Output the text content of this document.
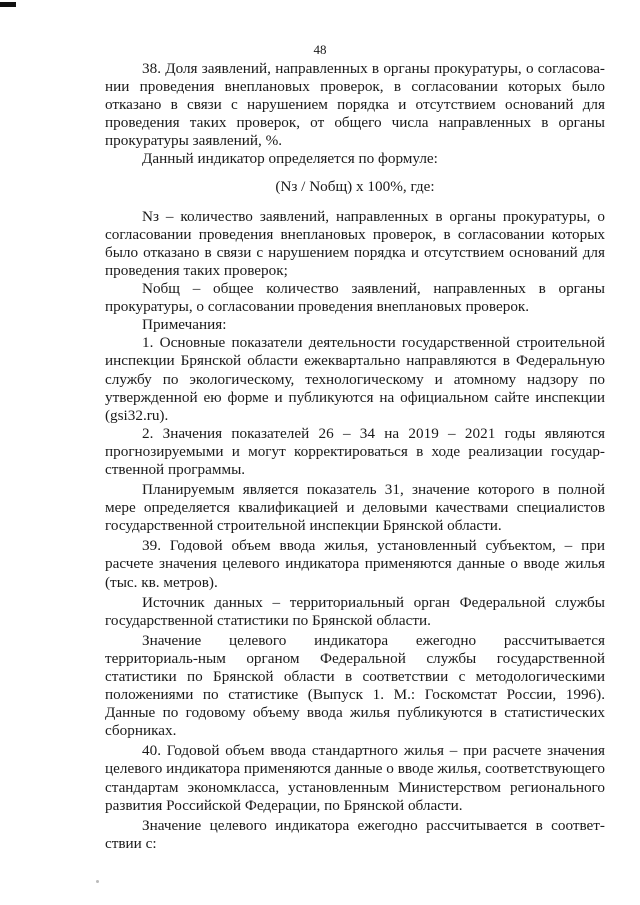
48

38. Доля заявлений, направленных в органы прокуратуры, о согласова-нии проведения внеплановых проверок, в согласовании которых было отказано в связи с нарушением порядка и отсутствием оснований для проведения таких проверок, от общего числа направленных в органы прокуратуры заявлений, %.

Данный индикатор определяется по формуле:

(Nз / Nобщ) х 100%, где:

Nз – количество заявлений, направленных в органы прокуратуры, о согласовании проведения внеплановых проверок, в согласовании которых было отказано в связи с нарушением порядка и отсутствием оснований для проведения таких проверок;

Nобщ – общее количество заявлений, направленных в органы прокуратуры, о согласовании проведения внеплановых проверок.

Примечания:

1. Основные показатели деятельности государственной строительной инспекции Брянской области ежеквартально направляются в Федеральную службу по экологическому, технологическому и атомному надзору по утвержденной ею форме и публикуются на официальном сайте инспекции (gsi32.ru).

2. Значения показателей 26 – 34 на 2019 – 2021 годы являются прогнозируемыми и могут корректироваться в ходе реализации государ-ственной программы.

Планируемым является показатель 31, значение которого в полной мере определяется квалификацией и деловыми качествами специалистов государственной строительной инспекции Брянской области.

39. Годовой объем ввода жилья, установленный субъектом, – при расчете значения целевого индикатора применяются данные о вводе жилья (тыс. кв. метров).

Источник данных – территориальный орган Федеральной службы государственной статистики по Брянской области.

Значение целевого индикатора ежегодно рассчитывается территориаль-ным органом Федеральной службы государственной статистики по Брянской области в соответствии с методологическими положениями по статистике (Выпуск 1. М.: Госкомстат России, 1996). Данные по годовому объему ввода жилья публикуются в статистических сборниках.

40. Годовой объем ввода стандартного жилья – при расчете значения целевого индикатора применяются данные о вводе жилья, соответствующего стандартам экономкласса, установленным Министерством регионального развития Российской Федерации, по Брянской области.

Значение целевого индикатора ежегодно рассчитывается в соответ-ствии с:
